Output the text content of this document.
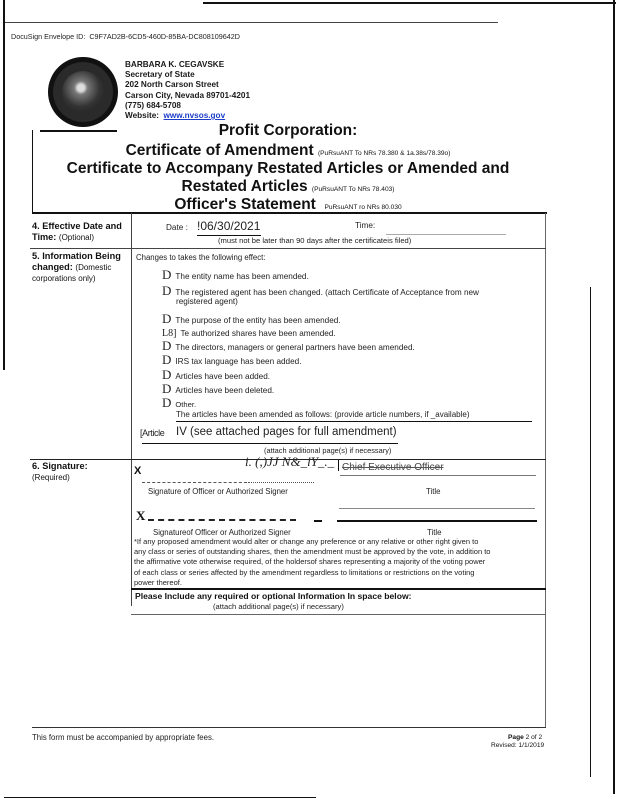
DocuSign Envelope ID: C9F7AD2B-6CD5-460D-85BA-DC808109642D
BARBARA K. CEGAVSKE
Secretary of State
202 North Carson Street
Carson City, Nevada 89701-4201
(775) 684-5708
Website: www.nvsos.gov
Profit Corporation:
Certificate of Amendment (PuRsuANT To NRs 78.380 & 1a.38s/78.39o)
Certificate to Accompany Restated Articles or Amended and
Restated Articles (PuRsuANT To NRs 78.403)
Officer's Statement PuRsuANT ro NRs 80.030
4. Effective Date and
Time: (Optional)
Date : !06/30/2021	Time:
(must not be later than 90 days after the certificateis filed)
5. Information Being
changed: (Domestic
corporations only)
Changes to takes the following effect:
D The entity name has been amended.
D The registered agent has been changed. (attach Certificate of Acceptance from new
registered agent)
D The purpose of the entity has been amended.
L8] Te authorized shares have been amended.
D The directors, managers or general partners have been amended.
DIRS tax language has been added.
D Articles have been added.
D Articles have been deleted.
D Other.
The articles have been amended as follows: (provide article numbers, if _available)
[Article IV (see attached pages for full amendment)
(attach additional page(s) if necessary)
6. Signature:
(Required)
X
i. (,)JJ N&_lY_._ Chief Executive Officer
Signature of Officer or Authorized Signer	Title
X
Signatureof Officer or Authorized Signer	Title
*If any proposed amendment would alter or change any preference or any relative or other right given to
any class or series of outstanding shares, then the amendment must be approved by the vote, in addition to
the affirmative vote otherwise required, of the holdersof shares representing a majority of the voting power
of each class or series affected by the amendment regardless to limitations or restrictions on the voting
power thereof.
Please Include any required or optional Information In space below:
(attach additional page(s) if necessary)
This form must be accompanied by appropriate fees.	Page 2 of 2
Revised: 1/1/2019
